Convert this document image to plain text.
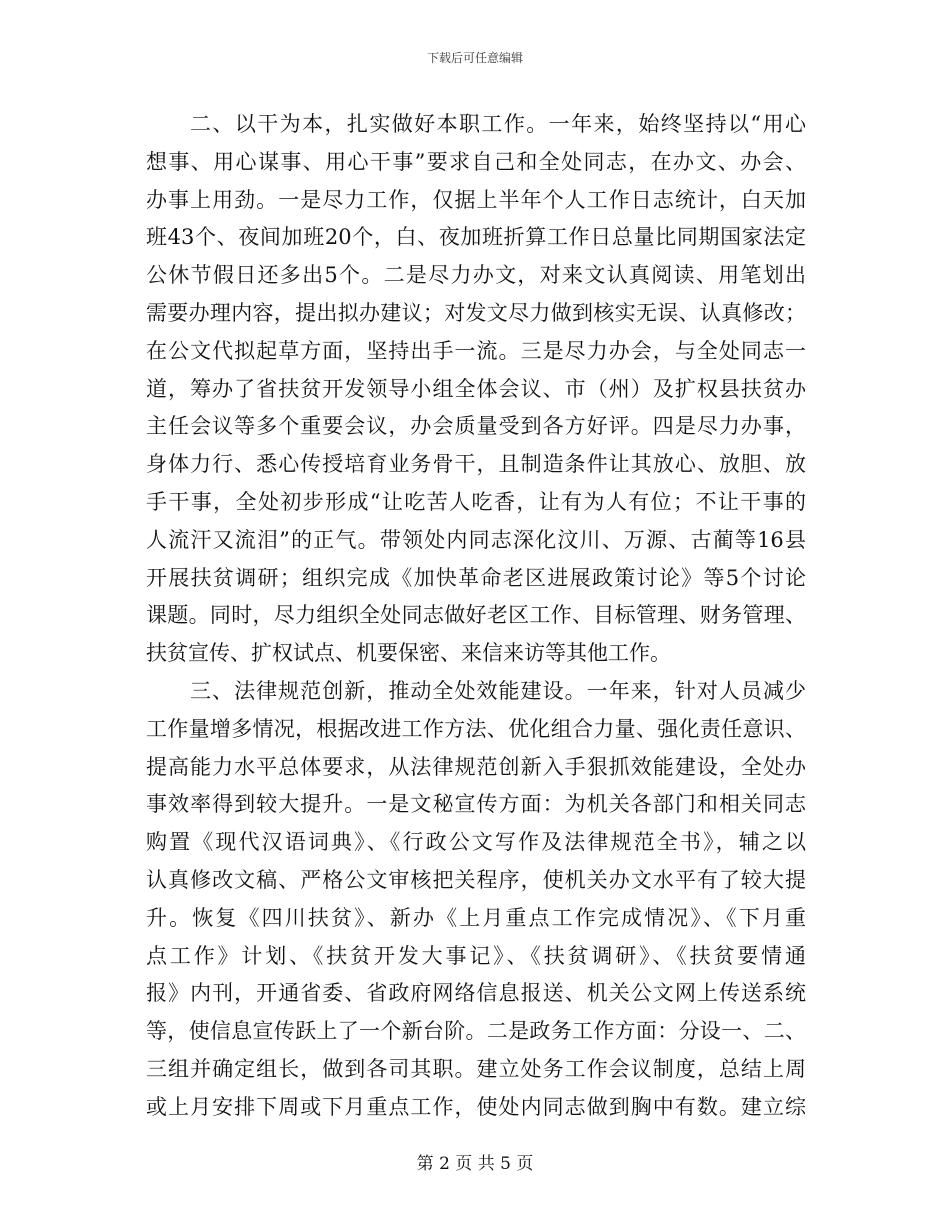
下载后可任意编辑
二、以干为本，扎实做好本职工作。一年来，始终坚持以“用心
想事、用心谋事、用心干事”要求自己和全处同志，在办文、办会、
办事上用劲。一是尽力工作，仅据上半年个人工作日志统计，白天加
班43个、夜间加班20个，白、夜加班折算工作日总量比同期国家法定
公休节假日还多出5个。二是尽力办文，对来文认真阅读、用笔划出
需要办理内容，提出拟办建议；对发文尽力做到核实无误、认真修改；
在公文代拟起草方面，坚持出手一流。三是尽力办会，与全处同志一
道，筹办了省扶贫开发领导小组全体会议、市（州）及扩权县扶贫办
主任会议等多个重要会议，办会质量受到各方好评。四是尽力办事，
身体力行、悉心传授培育业务骨干，且制造条件让其放心、放胆、放
手干事，全处初步形成“让吃苦人吃香，让有为人有位；不让干事的
人流汗又流泪”的正气。带领处内同志深化汶川、万源、古蔺等16县
开展扶贫调研；组织完成《加快革命老区进展政策讨论》等5个讨论
课题。同时，尽力组织全处同志做好老区工作、目标管理、财务管理、
扶贫宣传、扩权试点、机要保密、来信来访等其他工作。
三、法律规范创新，推动全处效能建设。一年来，针对人员减少
工作量增多情况，根据改进工作方法、优化组合力量、强化责任意识、
提高能力水平总体要求，从法律规范创新入手狠抓效能建设，全处办
事效率得到较大提升。一是文秘宣传方面：为机关各部门和相关同志
购置《现代汉语词典》、《行政公文写作及法律规范全书》，辅之以
认真修改文稿、严格公文审核把关程序，使机关办文水平有了较大提
升。恢复《四川扶贫》、新办《上月重点工作完成情况》、《下月重
点工作》计划、《扶贫开发大事记》、《扶贫调研》、《扶贫要情通
报》内刊，开通省委、省政府网络信息报送、机关公文网上传送系统
等，使信息宣传跃上了一个新台阶。二是政务工作方面：分设一、二、
三组并确定组长，做到各司其职。建立处务工作会议制度，总结上周
或上月安排下周或下月重点工作，使处内同志做到胸中有数。建立综
第 2 页 共 5 页
